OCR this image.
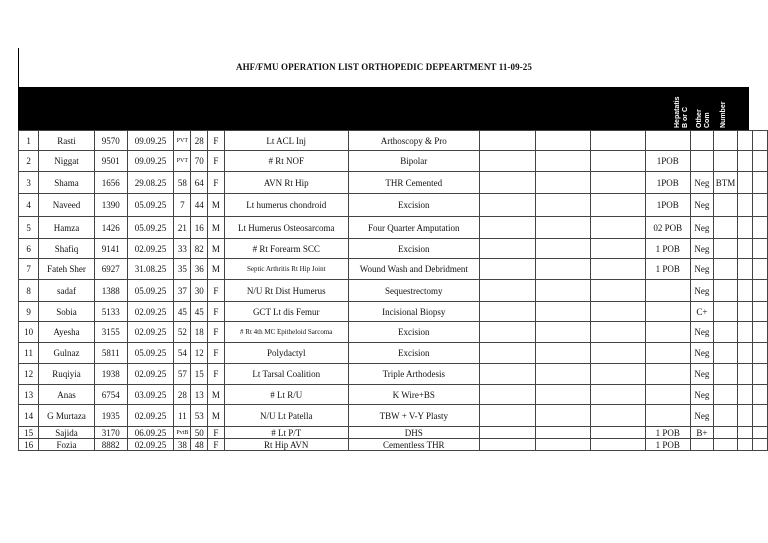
AHF/FMU OPERATION LIST ORTHOPEDIC DEPEARTMENT 11-09-25
Hepatatis B or C Other Com Number
1	Rasti	9570	09.09.25	PVT	28	F	Lt ACL Inj	Arthoscopy & Pro								
2	Niggat	9501	09.09.25	PVT	70	F	# Rt NOF	Bipolar				1POB				
3	Shama	1656	29.08.25	58	64	F	AVN Rt Hip	THR Cemented				1POB	Neg	BTM		
4	Naveed	1390	05.09.25	7	44	M	Lt humerus chondroid	Excision				1POB	Neg			
5	Hamza	1426	05.09.25	21	16	M	Lt Humerus Osteosarcoma	Four Quarter Amputation				02 POB	Neg			
6	Shafiq	9141	02.09.25	33	82	M	# Rt Forearm SCC	Excision				1 POB	Neg			
7	Fateh Sher	6927	31.08.25	35	36	M	Septic Arthritis Rt Hip Joint	Wound Wash and Debridment				1 POB	Neg			
8	sadaf	1388	05.09.25	37	30	F	N/U Rt Dist Humerus	Sequestrectomy					Neg			
9	Sobia	5133	02.09.25	45	45	F	GCT Lt dis Femur	Incisional Biopsy					C+			
10	Ayesha	3155	02.09.25	52	18	F	# Rt 4th MC Epitheloid Sarcoma	Excision					Neg			
11	Gulnaz	5811	05.09.25	54	12	F	Polydactyl	Excision					Neg			
12	Ruqiyia	1938	02.09.25	57	15	F	Lt Tarsal Coalition	Triple Arthodesis					Neg			
13	Anas	6754	03.09.25	28	13	M	# Lt R/U	K Wire+BS					Neg			
14	G Murtaza	1935	02.09.25	11	53	M	N/U Lt Patella	TBW + V-Y Plasty					Neg			
15	Sajida	3170	06.09.25	PvtB	50	F	# Lt P/T	DHS				1 POB	B+			
16	Fozia	8882	02.09.25	38	48	F	Rt Hip AVN	Cementless THR				1 POB				
